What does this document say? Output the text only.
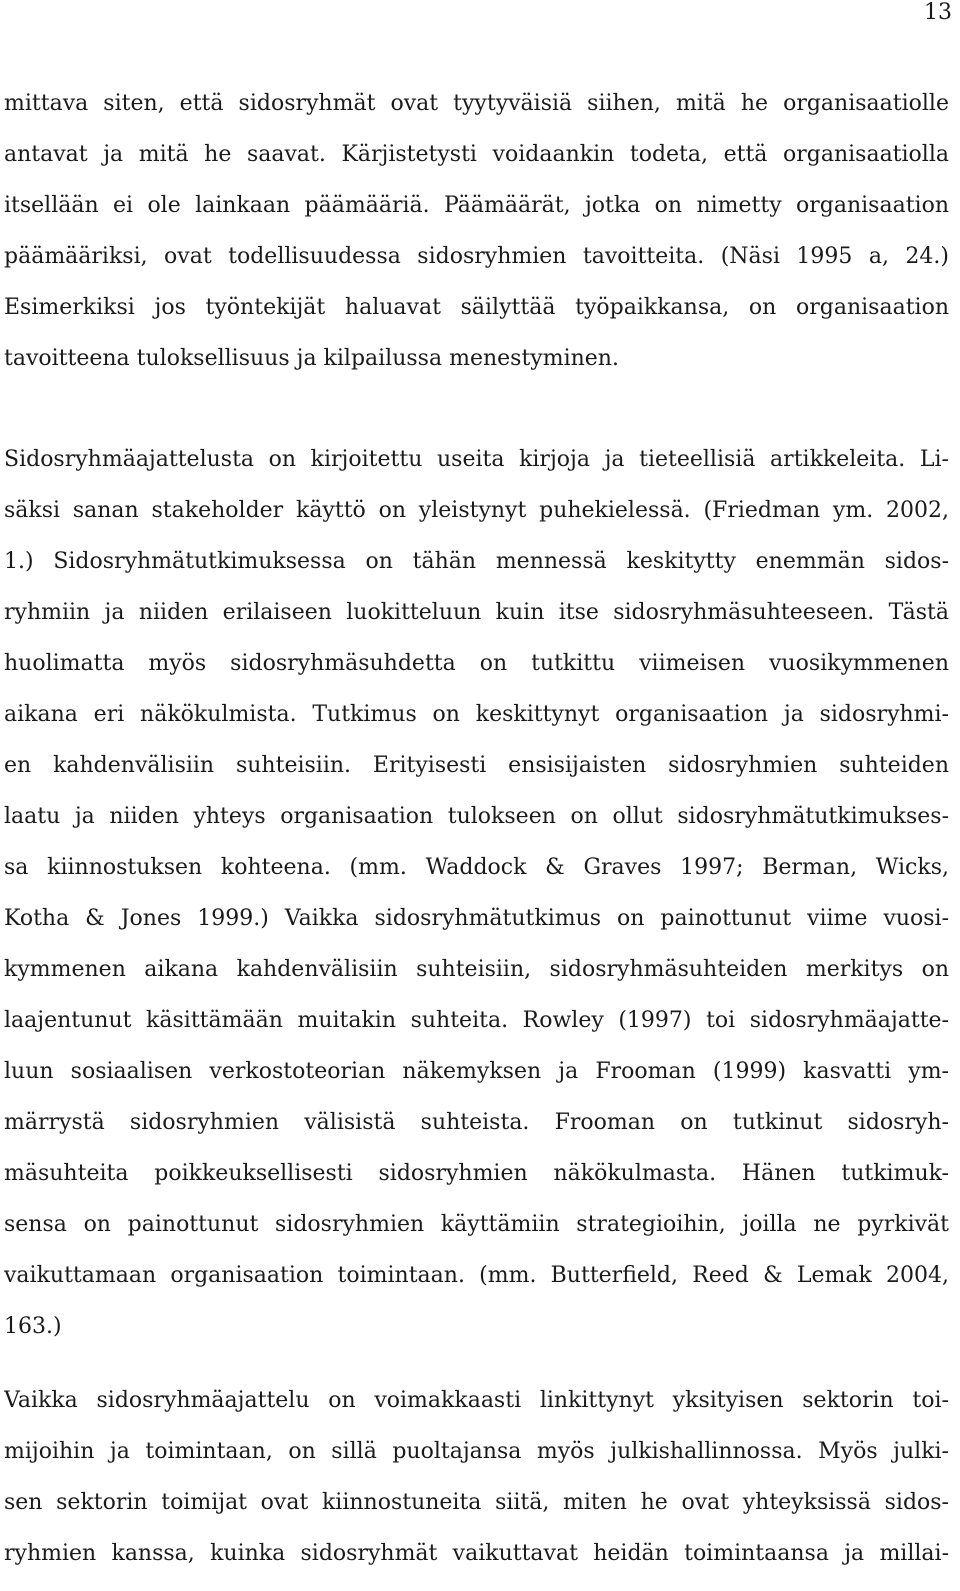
13
mittava siten, että sidosryhmät ovat tyytyväisiä siihen, mitä he organisaatiolle
antavat ja mitä he saavat. Kärjistetysti voidaankin todeta, että organisaatiolla
itsellään ei ole lainkaan päämääriä. Päämäärät, jotka on nimetty organisaation
päämääriksi, ovat todellisuudessa sidosryhmien tavoitteita. (Näsi 1995 a, 24.)
Esimerkiksi jos työntekijät haluavat säilyttää työpaikkansa, on organisaation
tavoitteena tuloksellisuus ja kilpailussa menestyminen.
Sidosryhmäajattelusta on kirjoitettu useita kirjoja ja tieteellisiä artikkeleita. Li-
säksi sanan stakeholder käyttö on yleistynyt puhekielessä. (Friedman ym. 2002,
1.) Sidosryhmätutkimuksessa on tähän mennessä keskitytty enemmän sidos-
ryhmiin ja niiden erilaiseen luokitteluun kuin itse sidosryhmäsuhteeseen. Tästä
huolimatta myös sidosryhmäsuhdetta on tutkittu viimeisen vuosikymmenen
aikana eri näkökulmista. Tutkimus on keskittynyt organisaation ja sidosryhmi-
en kahdenvälisiin suhteisiin. Erityisesti ensisijaisten sidosryhmien suhteiden
laatu ja niiden yhteys organisaation tulokseen on ollut sidosryhmätutkimukses-
sa kiinnostuksen kohteena. (mm. Waddock & Graves 1997; Berman, Wicks,
Kotha & Jones 1999.) Vaikka sidosryhmätutkimus on painottunut viime vuosi-
kymmenen aikana kahdenvälisiin suhteisiin, sidosryhmäsuhteiden merkitys on
laajentunut käsittämään muitakin suhteita. Rowley (1997) toi sidosryhmäajatte-
luun sosiaalisen verkostoteorian näkemyksen ja Frooman (1999) kasvatti ym-
märrystä sidosryhmien välisistä suhteista. Frooman on tutkinut sidosryh-
mäsuhteita poikkeuksellisesti sidosryhmien näkökulmasta. Hänen tutkimuk-
sensa on painottunut sidosryhmien käyttämiin strategioihin, joilla ne pyrkivät
vaikuttamaan organisaation toimintaan. (mm. Butterfield, Reed & Lemak 2004,
163.)
Vaikka sidosryhmäajattelu on voimakkaasti linkittynyt yksityisen sektorin toi-
mijoihin ja toimintaan, on sillä puoltajansa myös julkishallinnossa. Myös julki-
sen sektorin toimijat ovat kiinnostuneita siitä, miten he ovat yhteyksissä sidos-
ryhmien kanssa, kuinka sidosryhmät vaikuttavat heidän toimintaansa ja millai-
